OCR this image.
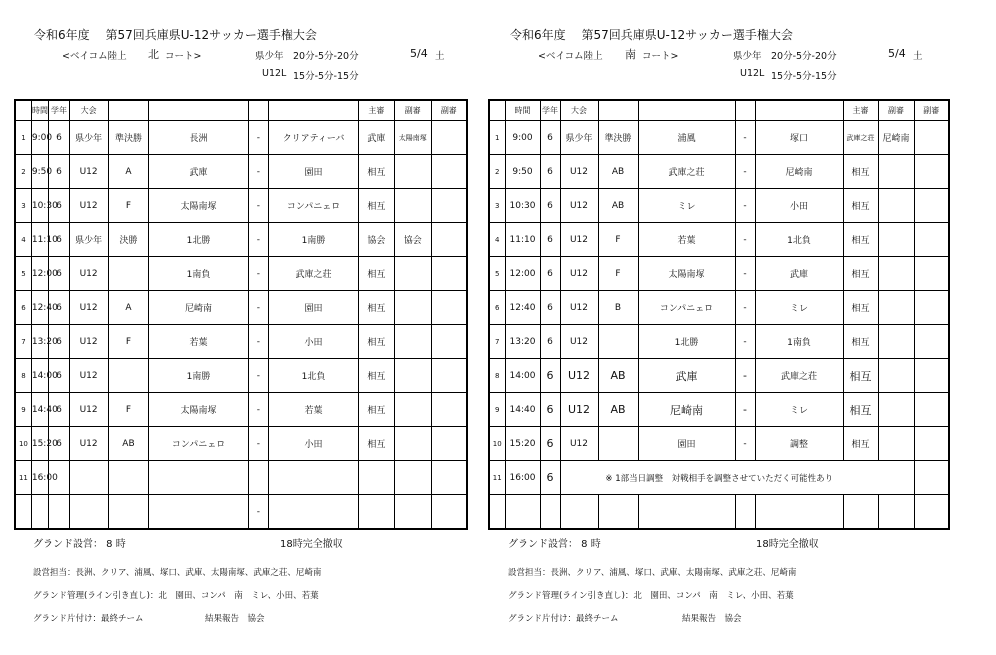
令和6年度　 第57回兵庫県U-12サッカー選手権大会
<ベイコム陸上 北 コート>	県少年 20分-5分-20分
U12L 15分-5分-15分
5/4 土
	時間	学年	大会					主審	副審	副審
1	9:00	6	県少年	準決勝	長洲	-	クリアティーバ	武庫	太陽南塚	
2	9:50	6	U12	A	武庫	-	園田	相互		
3	10:30	6	U12	F	太陽南塚	-	コンパニェロ	相互		
4	11:10	6	県少年	決勝	1北勝	-	1南勝	協会	協会	
5	12:00	6	U12		1南負	-	武庫之荘	相互		
6	12:40	6	U12	A	尼崎南	-	園田	相互		
7	13:20	6	U12	F	若葉	-	小田	相互		
8	14:00	6	U12		1南勝	-	1北負	相互		
9	14:40	6	U12	F	太陽南塚	-	若葉	相互		
10	15:20	6	U12	AB	コンパニェロ	-	小田	相互		
11	16:00									
						-				
グランド設営： 8 時	18時完全撤収
設営担当：長洲、クリア、浦風、塚口、武庫、太陽南塚、武庫之荘、尼崎南
グランド管理(ライン引き直し)：北　園田、コンパ　南　ミレ、小田、若葉
グランド片付け：最終チーム	結果報告　協会
令和6年度　 第57回兵庫県U-12サッカー選手権大会
<ベイコム陸上 南 コート>	県少年 20分-5分-20分
U12L 15分-5分-15分
5/4 土
	時間	学年	大会					主審	副審	副審
1	9:00	6	県少年	準決勝	浦風	-	塚口	武庫之荘	尼崎南	
2	9:50	6	U12	AB	武庫之荘	-	尼崎南	相互		
3	10:30	6	U12	AB	ミレ	-	小田	相互		
4	11:10	6	U12	F	若葉	-	1北負	相互		
5	12:00	6	U12	F	太陽南塚	-	武庫	相互		
6	12:40	6	U12	B	コンパニェロ	-	ミレ	相互		
7	13:20	6	U12		1北勝	-	1南負	相互		
8	14:00	6	U12	AB	武庫	-	武庫之荘	相互		
9	14:40	6	U12	AB	尼崎南	-	ミレ	相互		
10	15:20	6	U12		園田	-	調整	相互		
11	16:00	6	※ 1部当日調整　対戦相手を調整させていただく可能性あり							

グランド設営： 8 時	18時完全撤収
設営担当：長洲、クリア、浦風、塚口、武庫、太陽南塚、武庫之荘、尼崎南
グランド管理(ライン引き直し)：北　園田、コンパ　南　ミレ、小田、若葉
グランド片付け：最終チーム	結果報告　協会
